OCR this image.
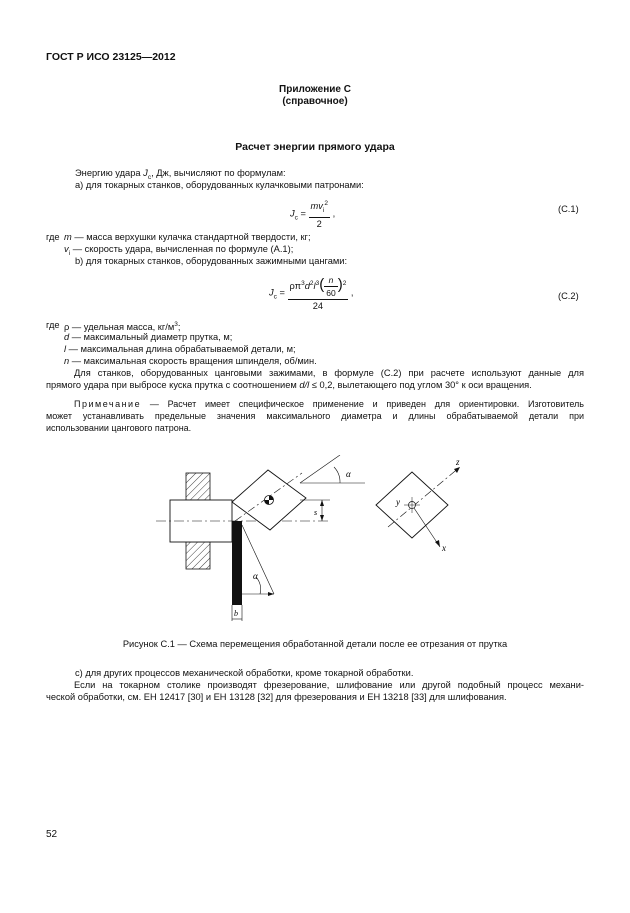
ГОСТ Р ИСО 23125—2012
Приложение С
(справочное)
Расчет энергии прямого удара
Энергию удара $J_c$, Дж, вычисляют по формулам:
а) для токарных станков, оборудованных кулачковыми патронами:
$J_c = \frac{mv_i^2}{2}$ ,	(С.1)
где m — масса верхушки кулачка стандартной твердости, кг;
$v_i$ — скорость удара, вычисленная по формуле (А.1);
b) для токарных станков, оборудованных зажимными цангами:
$J_c = \frac{\rho\pi^3d^2l^3( \frac{n}{60} )^2}{24}$ ,	(С.2)
где ρ — удельная масса, $кг/м^3$;
d — максимальный диаметр прутка, м;
l — максимальная длина обрабатываемой детали, м;
n — максимальная скорость вращения шпинделя, об/мин.
Для станков, оборудованных цанговыми зажимами, в формуле (С.2) при расчете используют данные для
прямого удара при выбросе куска прутка с соотношением d/l ≤ 0,2, вылетающего под углом 30° к оси вращения.
Примечание — Расчет имеет специфическое применение и приведен для ориентировки. Изготовитель
может устанавливать предельные значения максимального диаметра и длины обрабатываемой детали при
использовании цангового патрона.
α
s
α
b
z
y
x
Рисунок С.1 — Схема перемещения обработанной детали после ее отрезания от прутка
с) для других процессов механической обработки, кроме токарной обработки.
Если на токарном столике производят фрезерование, шлифование или другой подобный процесс механи-
ческой обработки, см. ЕН 12417 [30] и ЕН 13128 [32] для фрезерования и ЕН 13218 [33] для шлифования.
52
